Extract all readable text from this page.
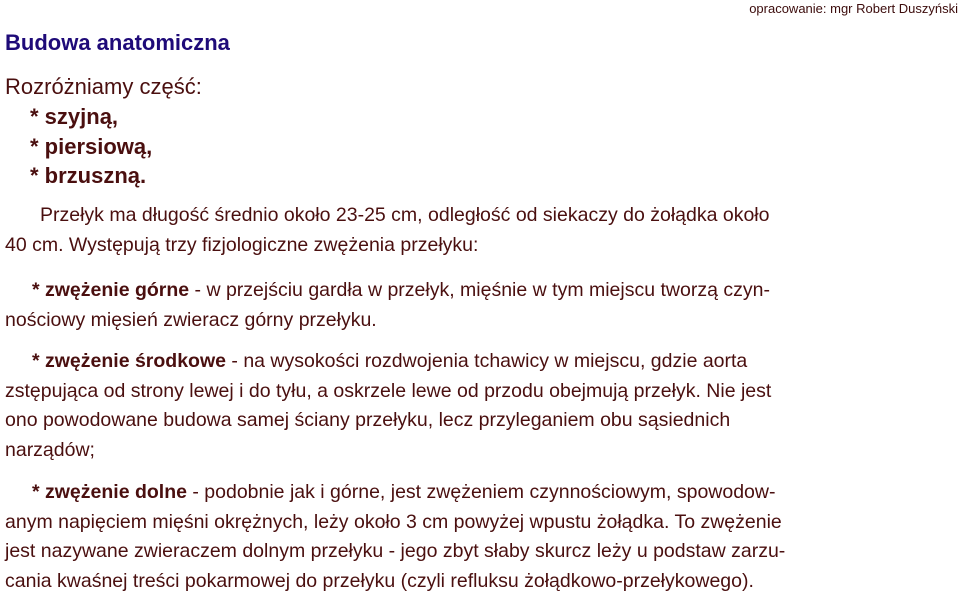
opracowanie: mgr Robert Duszyński
Budowa anatomiczna
Rozróżniamy część:
* szyjną,
* piersiową,
* brzuszną.
Przełyk ma długość średnio około 23-25 cm, odległość od siekaczy do żołądka około
40 cm. Występują trzy fizjologiczne zwężenia przełyku:
* zwężenie górne - w przejściu gardła w przełyk, mięśnie w tym miejscu tworzą czyn-
nościowy mięsień zwieracz górny przełyku.
* zwężenie środkowe - na wysokości rozdwojenia tchawicy w miejscu, gdzie aorta
zstępująca od strony lewej i do tyłu, a oskrzele lewe od przodu obejmują przełyk. Nie jest
ono powodowane budowa samej ściany przełyku, lecz przyleganiem obu sąsiednich
narządów;
* zwężenie dolne - podobnie jak i górne, jest zwężeniem czynnościowym, spowodow-
anym napięciem mięśni okrężnych, leży około 3 cm powyżej wpustu żołądka. To zwężenie
jest nazywane zwieraczem dolnym przełyku - jego zbyt słaby skurcz leży u podstaw zarzu-
cania kwaśnej treści pokarmowej do przełyku (czyli refluksu żołądkowo-przełykowego).
